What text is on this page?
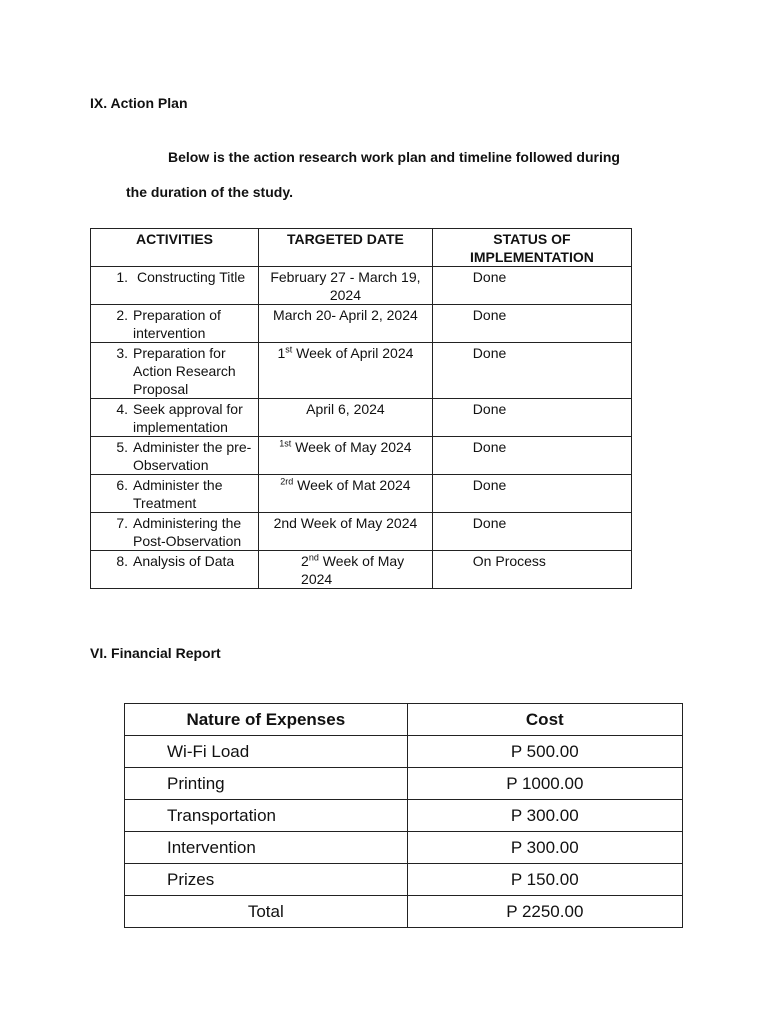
IX. Action Plan
Below is the action research work plan and timeline followed during
the duration of the study.
ACTIVITIES	TARGETED DATE	STATUS OF IMPLEMENTATION

1. Constructing Title	February 27 - March 19, 2024	Done

2. Preparation of intervention	March 20- April 2, 2024	Done

3. Preparation for Action Research Proposal	1st Week of April 2024	Done

4. Seek approval for implementation	April 6, 2024	Done

5. Administer the pre-Observation	$^{1st}$ Week of May 2024	Done

6. Administer the Treatment	$^{2rd}$ Week of Mat 2024	Done

7. Administering the Post-Observation	2nd Week of May 2024	Done

8. Analysis of Data	2nd Week of May 2024	On Process
VI. Financial Report
Nature of Expenses	Cost
Wi-Fi Load	P 500.00
Printing	P 1000.00
Transportation	P 300.00
Intervention	P 300.00
Prizes	P 150.00
Total	P 2250.00
